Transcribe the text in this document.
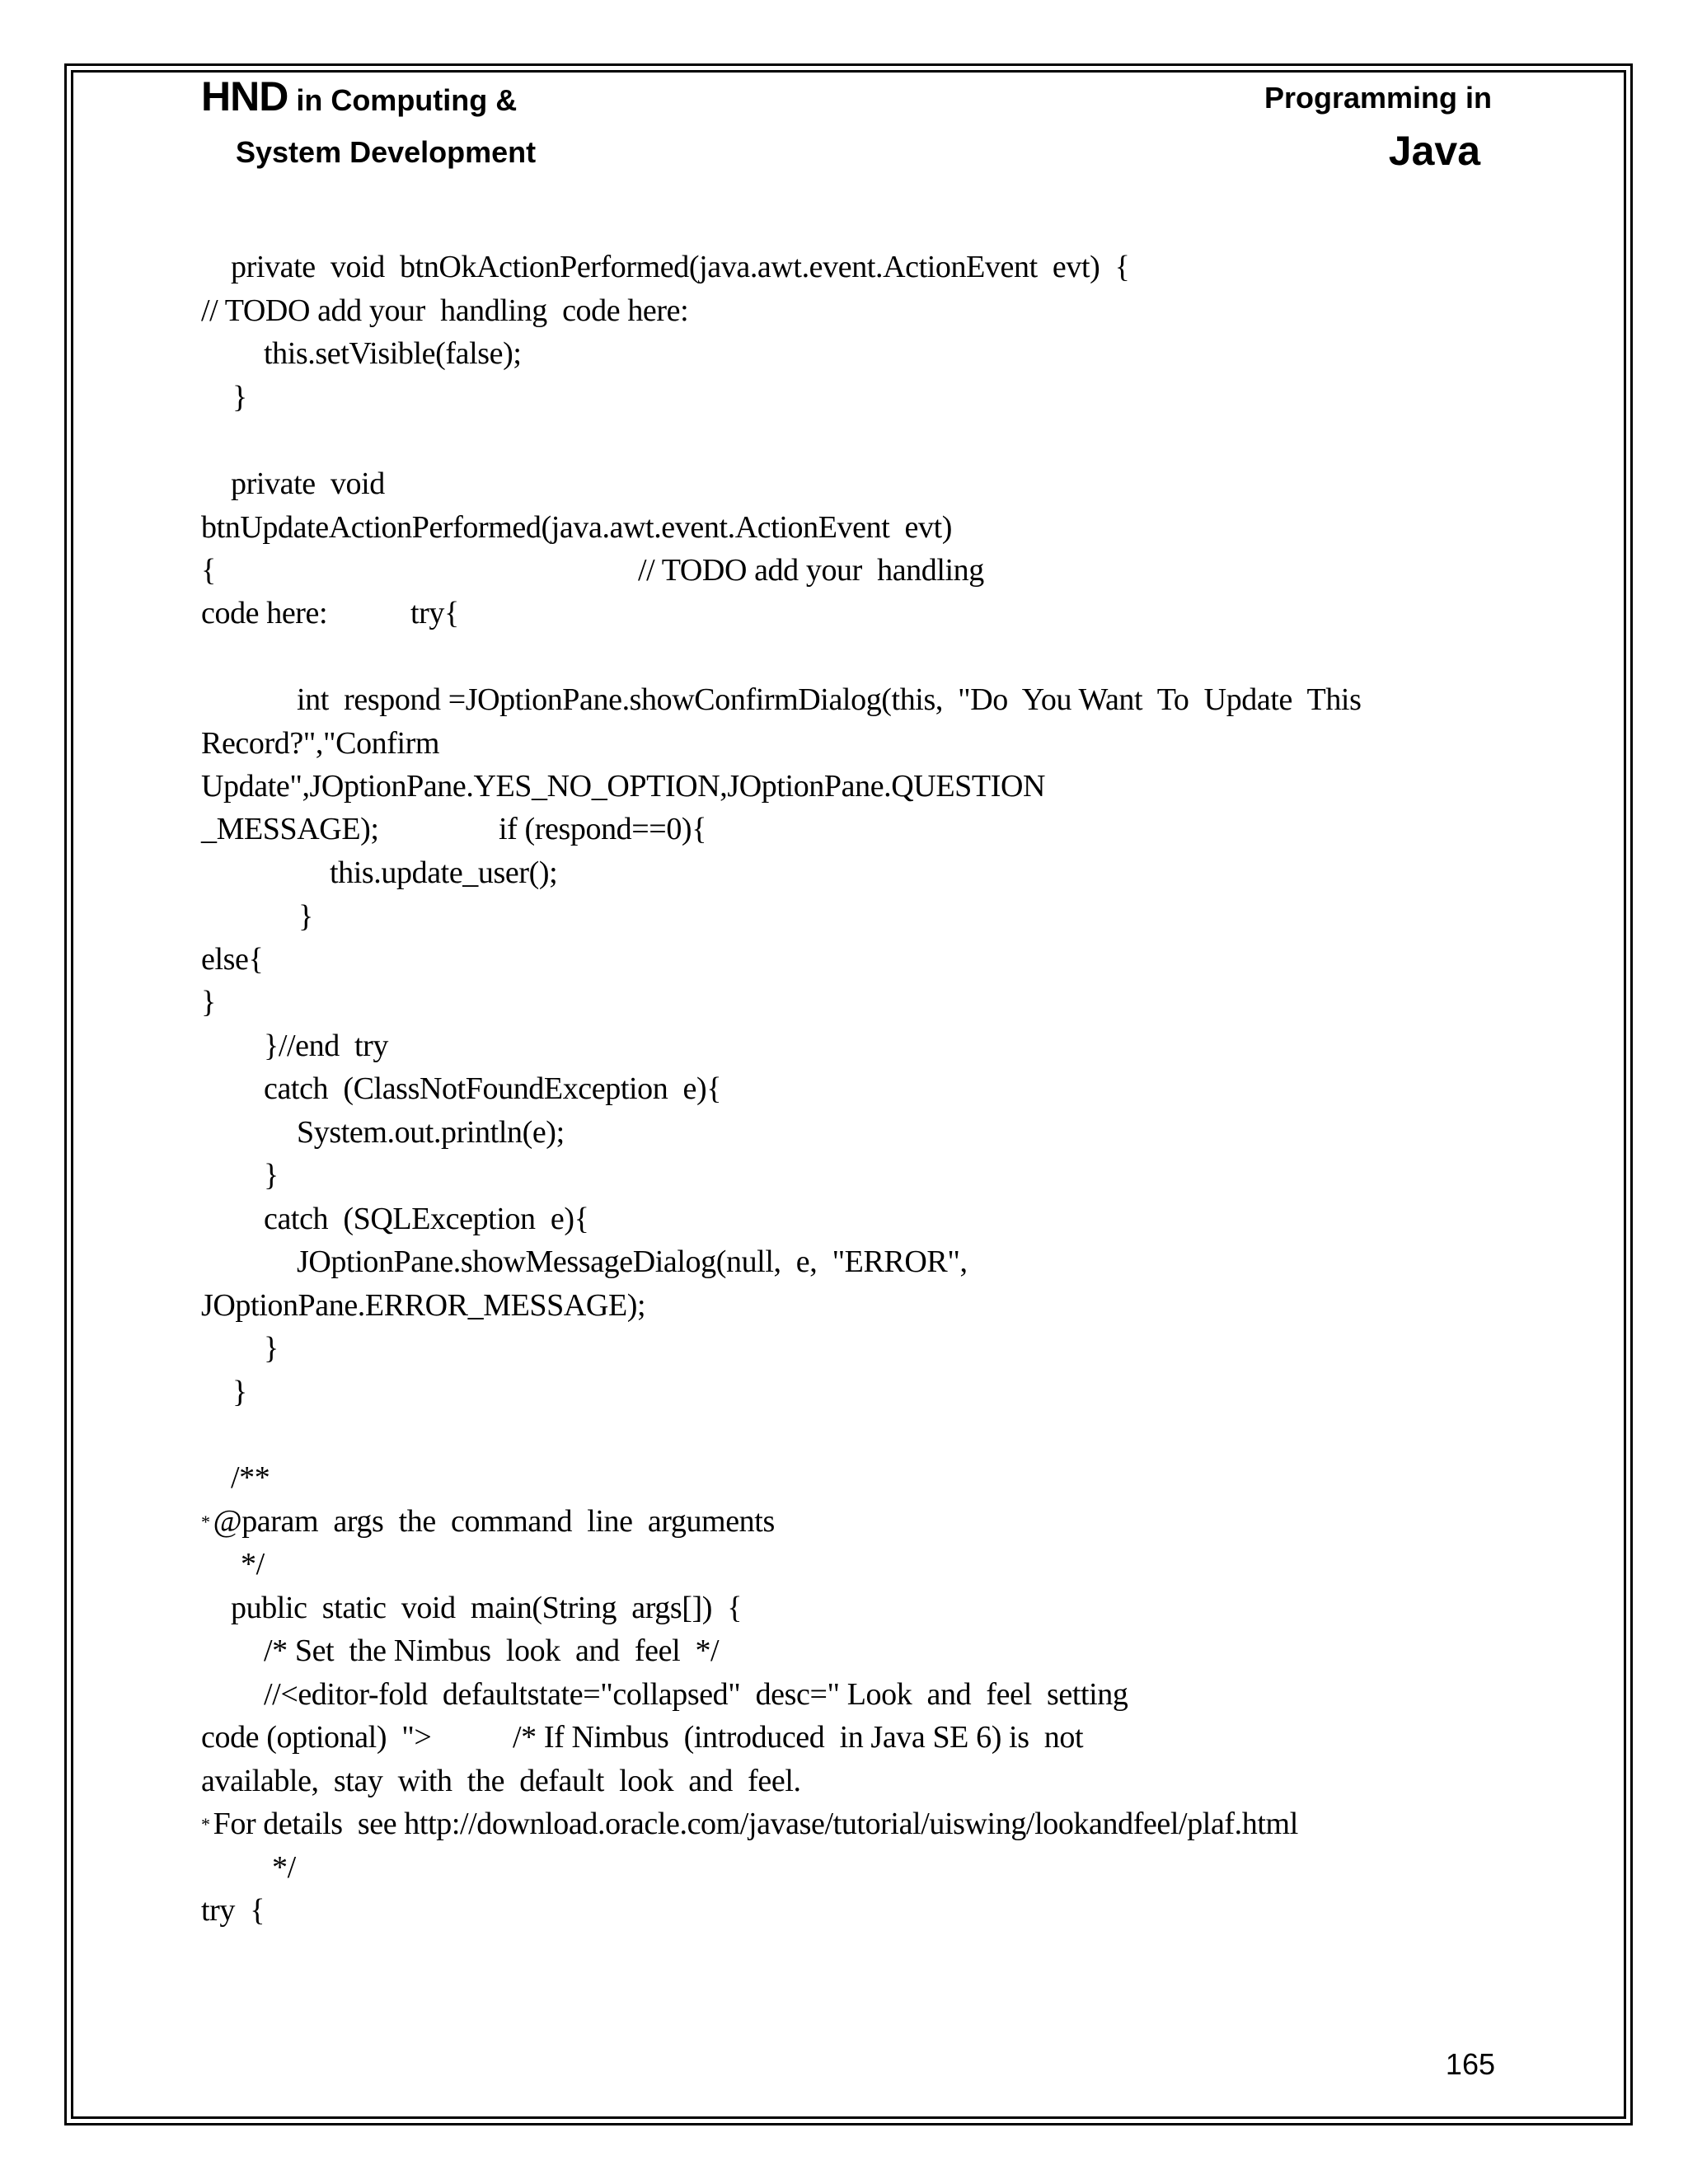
HND in Computing &
System Development
Programming in
Java
private  void  btnOkActionPerformed(java.awt.event.ActionEvent  evt)  {
// TODO add your  handling  code here:
this.setVisible(false);
}
private  void
btnUpdateActionPerformed(java.awt.event.ActionEvent  evt)
{	// TODO add your  handling
code here:	try{
int  respond =JOptionPane.showConfirmDialog(this,  "Do  You Want  To  Update  This
Record?","Confirm
Update",JOptionPane.YES_NO_OPTION,JOptionPane.QUESTION
_MESSAGE);	if (respond==0){
this.update_user();
}
else{
}
}//end  try
catch  (ClassNotFoundException  e){
System.out.println(e);
}
catch  (SQLException  e){
JOptionPane.showMessageDialog(null,  e,  "ERROR",
JOptionPane.ERROR_MESSAGE);
}
}
/**
* @param  args  the  command  line  arguments
*/
public  static  void  main(String  args[])  {
/* Set  the Nimbus  look  and  feel  */
//<editor-fold  defaultstate="collapsed"  desc=" Look  and  feel  setting
code (optional)  ">	/* If Nimbus  (introduced  in Java SE 6) is  not
available,  stay  with  the  default  look  and  feel.
* For details  see http://download.oracle.com/javase/tutorial/uiswing/lookandfeel/plaf.html
*/
try  {
165
